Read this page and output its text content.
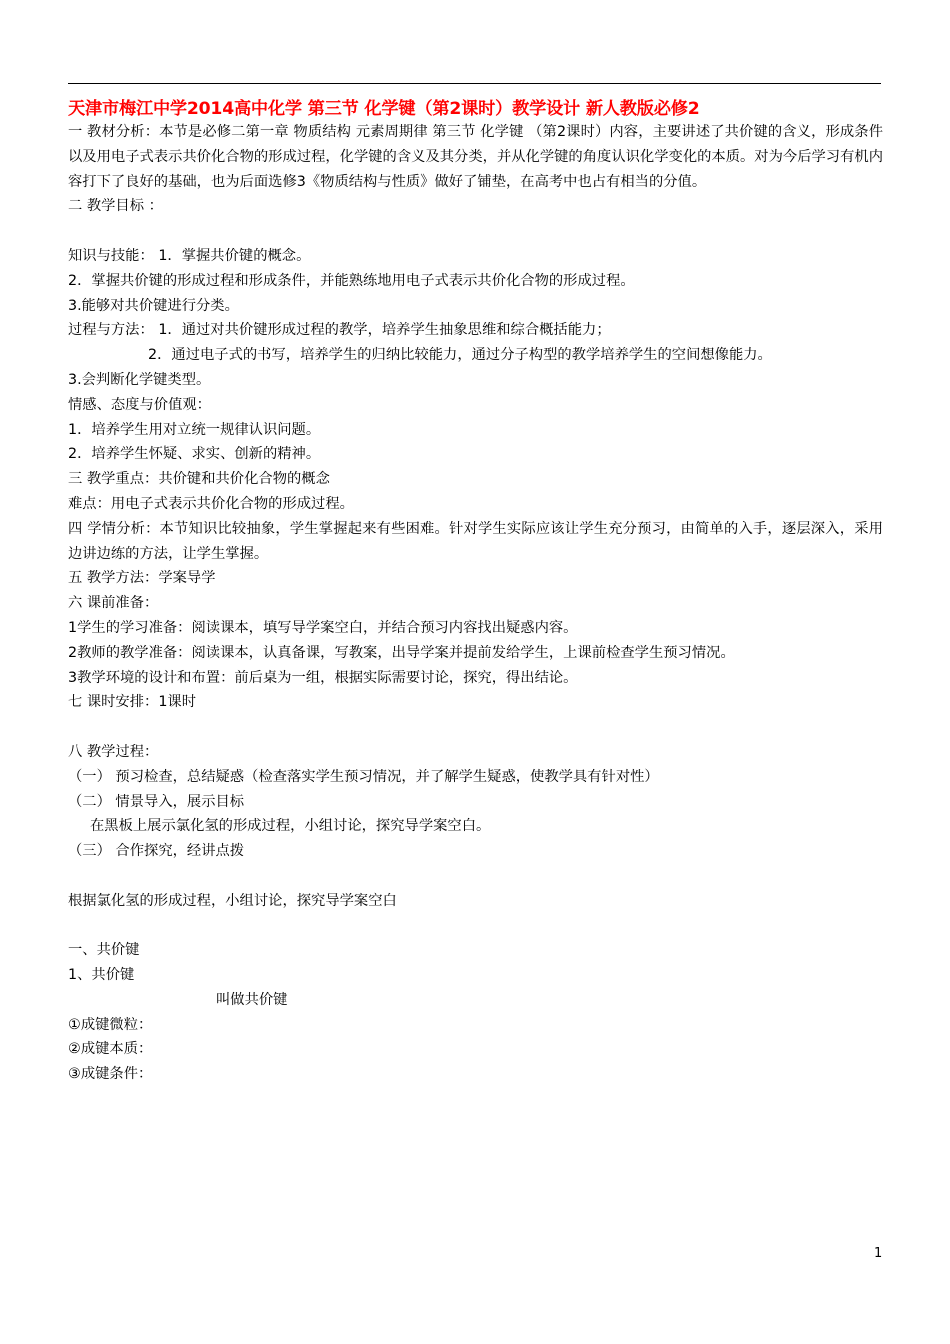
天津市梅江中学2014高中化学 第三节 化学键（第2课时）教学设计 新人教版必修2

一 教材分析：本节是必修二第一章 物质结构 元素周期律 第三节 化学键 （第2课时）内容，主要讲述了共价键的含义，形成条件以及用电子式表示共价化合物的形成过程，化学键的含义及其分类，并从化学键的角度认识化学变化的本质。对为今后学习有机内容打下了良好的基础，也为后面选修3《物质结构与性质》做好了铺垫，在高考中也占有相当的分值。

二 教学目标 ：

知识与技能： 1．掌握共价键的概念。

2．掌握共价键的形成过程和形成条件，并能熟练地用电子式表示共价化合物的形成过程。

3.能够对共价键进行分类。

过程与方法： 1．通过对共价键形成过程的教学，培养学生抽象思维和综合概括能力；

2．通过电子式的书写，培养学生的归纳比较能力，通过分子构型的教学培养学生的空间想像能力。

3.会判断化学键类型。

情感、态度与价值观：

1．培养学生用对立统一规律认识问题。

2．培养学生怀疑、求实、创新的精神。

三 教学重点：共价键和共价化合物的概念

难点：用电子式表示共价化合物的形成过程。

四 学情分析：本节知识比较抽象，学生掌握起来有些困难。针对学生实际应该让学生充分预习，由简单的入手，逐层深入，采用边讲边练的方法，让学生掌握。

五 教学方法：学案导学

六 课前准备：

1学生的学习准备：阅读课本，填写导学案空白，并结合预习内容找出疑惑内容。

2教师的教学准备：阅读课本，认真备课，写教案，出导学案并提前发给学生，上课前检查学生预习情况。

3教学环境的设计和布置：前后桌为一组，根据实际需要讨论，探究，得出结论。

七 课时安排：1课时

八 教学过程：

（一） 预习检查，总结疑惑（检查落实学生预习情况，并了解学生疑惑，使教学具有针对性）

（二） 情景导入，展示目标

在黑板上展示氯化氢的形成过程，小组讨论，探究导学案空白。

（三） 合作探究，经讲点拨

根据氯化氢的形成过程，小组讨论，探究导学案空白

一、共价键

1、共价键

叫做共价键

①成键微粒：

②成键本质：

③成键条件：

1
